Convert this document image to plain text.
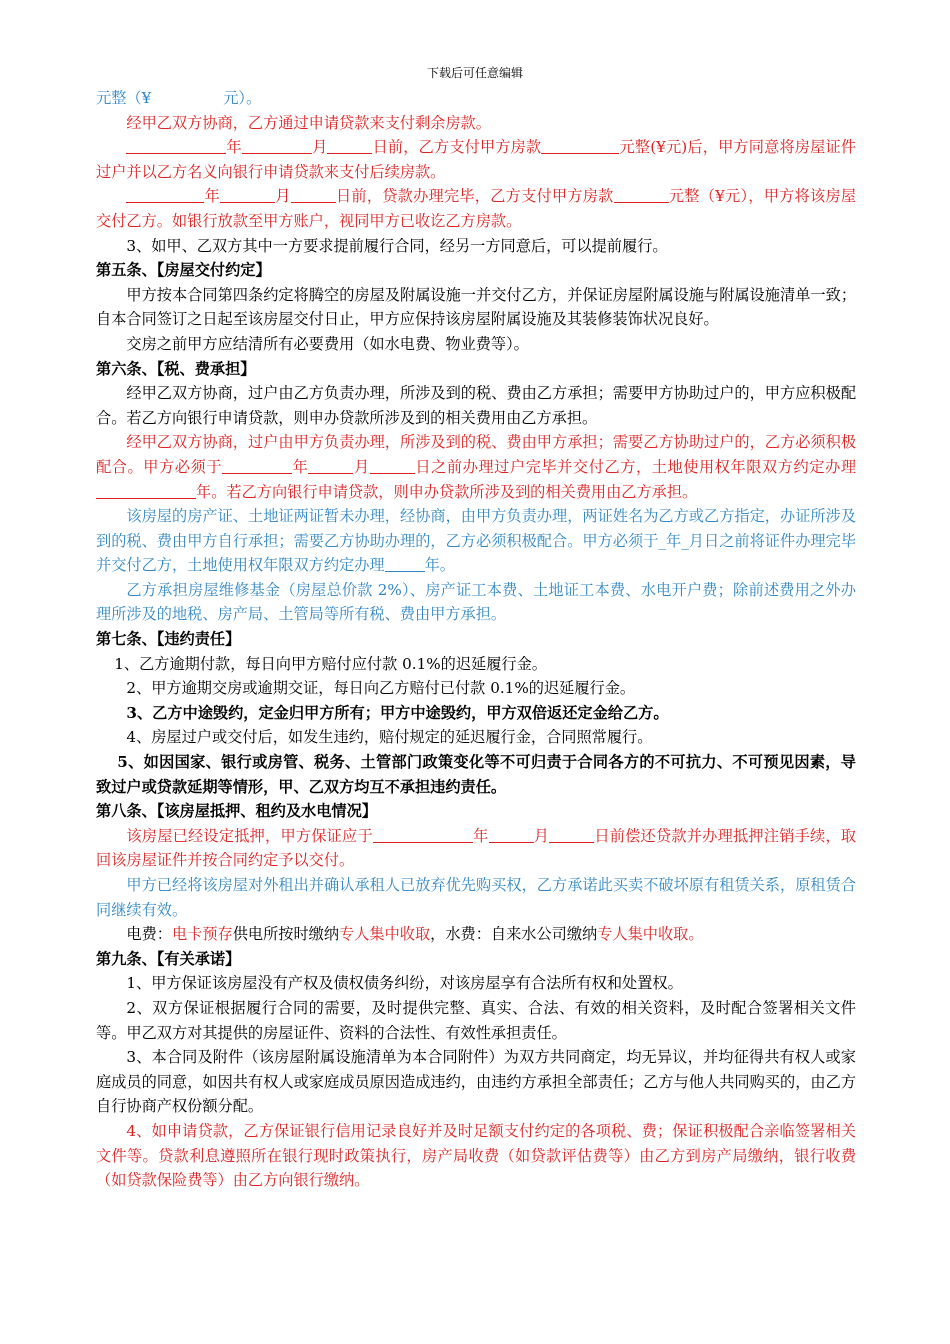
下载后可任意编辑

元整（¥	元）。

经甲乙双方协商，乙方通过申请贷款来支付剩余房款。

年	月	日前，乙方支付甲方房款	元整(¥元)后，甲方同意将房屋证件过户并以乙方名义向银行申请贷款来支付后续房款。

年	月	日前，贷款办理完毕，乙方支付甲方房款	元整（¥元），甲方将该房屋交付乙方。如银行放款至甲方账户，视同甲方已收讫乙方房款。

3、如甲、乙双方其中一方要求提前履行合同，经另一方同意后，可以提前履行。

第五条、【房屋交付约定】

甲方按本合同第四条约定将腾空的房屋及附属设施一并交付乙方，并保证房屋附属设施与附属设施清单一致；自本合同签订之日起至该房屋交付日止，甲方应保持该房屋附属设施及其装修装饰状况良好。

交房之前甲方应结清所有必要费用（如水电费、物业费等）。

第六条、【税、费承担】

经甲乙双方协商，过户由乙方负责办理，所涉及到的税、费由乙方承担；需要甲方协助过户的，甲方应积极配合。若乙方向银行申请贷款，则申办贷款所涉及到的相关费用由乙方承担。

经甲乙双方协商，过户由甲方负责办理，所涉及到的税、费由甲方承担；需要乙方协助过户的，乙方必须积极配合。甲方必须于	年	月	日之前办理过户完毕并交付乙方，土地使用权年限双方约定办理年。若乙方向银行申请贷款，则申办贷款所涉及到的相关费用由乙方承担。

该房屋的房产证、土地证两证暂未办理，经协商，由甲方负责办理，两证姓名为乙方或乙方指定，办证所涉及到的税、费由甲方自行承担；需要乙方协助办理的，乙方必须积极配合。甲方必须于_年_月日之前将证件办理完毕并交付乙方，土地使用权年限双方约定办理	年。

乙方承担房屋维修基金（房屋总价款 2%）、房产证工本费、土地证工本费、水电开户费；除前述费用之外办理所涉及的地税、房产局、土管局等所有税、费由甲方承担。

第七条、【违约责任】

1、乙方逾期付款，每日向甲方赔付应付款 0.1%的迟延履行金。

2、甲方逾期交房或逾期交证，每日向乙方赔付已付款 0.1%的迟延履行金。

3、乙方中途毁约，定金归甲方所有；甲方中途毁约，甲方双倍返还定金给乙方。

4、房屋过户或交付后，如发生违约，赔付规定的延迟履行金，合同照常履行。

5、如因国家、银行或房管、税务、土管部门政策变化等不可归责于合同各方的不可抗力、不可预见因素，导致过户或贷款延期等情形，甲、乙双方均互不承担违约责任。

第八条、【该房屋抵押、租约及水电情况】

该房屋已经设定抵押，甲方保证应于	年	月	日前偿还贷款并办理抵押注销手续，取回该房屋证件并按合同约定予以交付。

甲方已经将该房屋对外租出并确认承租人已放弃优先购买权，乙方承诺此买卖不破坏原有租赁关系，原租赁合同继续有效。

电费：电卡预存供电所按时缴纳专人集中收取，水费：自来水公司缴纳专人集中收取。

第九条、【有关承诺】

1、甲方保证该房屋没有产权及债权债务纠纷，对该房屋享有合法所有权和处置权。

2、双方保证根据履行合同的需要，及时提供完整、真实、合法、有效的相关资料，及时配合签署相关文件等。甲乙双方对其提供的房屋证件、资料的合法性、有效性承担责任。

3、本合同及附件（该房屋附属设施清单为本合同附件）为双方共同商定，均无异议，并均征得共有权人或家庭成员的同意，如因共有权人或家庭成员原因造成违约，由违约方承担全部责任；乙方与他人共同购买的，由乙方自行协商产权份额分配。

4、如申请贷款，乙方保证银行信用记录良好并及时足额支付约定的各项税、费；保证积极配合亲临签署相关文件等。贷款利息遵照所在银行现时政策执行，房产局收费（如贷款评估费等）由乙方到房产局缴纳，银行收费（如贷款保险费等）由乙方向银行缴纳。
